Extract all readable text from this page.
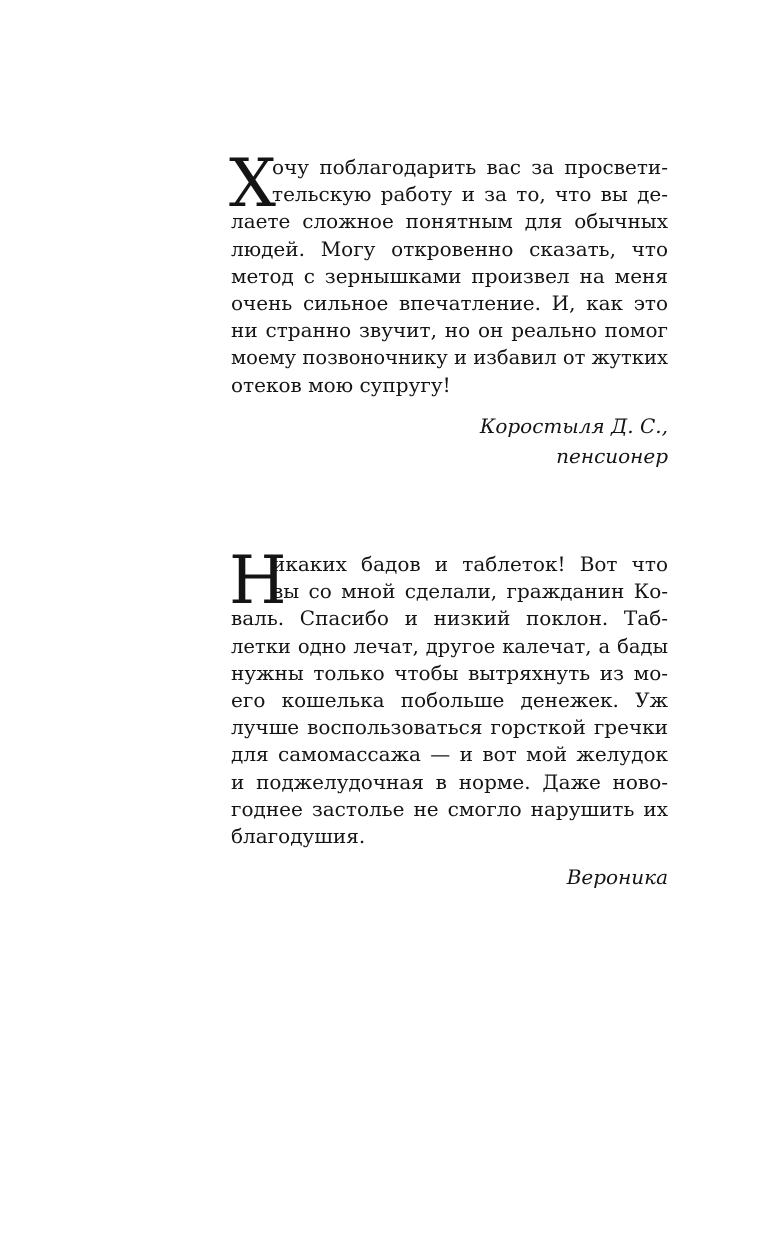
Х
очу поблагодарить вас за просвети-
тельскую работу и за то, что вы де-
лаете сложное понятным для обычных
людей. Могу откровенно сказать, что
метод с зернышками произвел на меня
очень сильное впечатление. И, как это
ни странно звучит, но он реально помог
моему позвоночнику и избавил от жутких
отеков мою супругу!
Коростыля Д. С.,
пенсионер
Н
икаких бадов и таблеток! Вот что
вы со мной сделали, гражданин Ко-
валь. Спасибо и низкий поклон. Таб-
летки одно лечат, другое калечат, а бады
нужны только чтобы вытряхнуть из мо-
его кошелька побольше денежек. Уж
лучше воспользоваться горсткой гречки
для самомассажа — и вот мой желудок
и поджелудочная в норме. Даже ново-
годнее застолье не смогло нарушить их
благодушия.
Вероника
